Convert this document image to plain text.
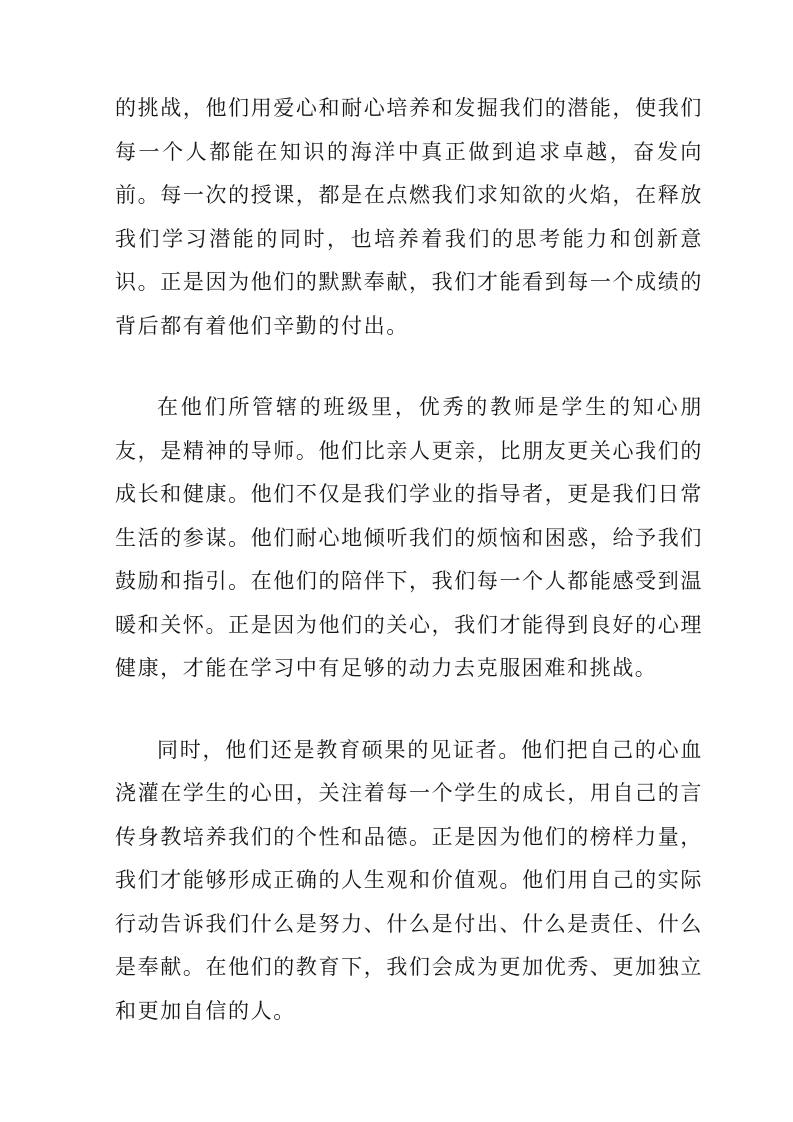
的挑战，他们用爱心和耐心培养和发掘我们的潜能，使我们每一个人都能在知识的海洋中真正做到追求卓越，奋发向前。每一次的授课，都是在点燃我们求知欲的火焰，在释放我们学习潜能的同时，也培养着我们的思考能力和创新意识。正是因为他们的默默奉献，我们才能看到每一个成绩的背后都有着他们辛勤的付出。

在他们所管辖的班级里，优秀的教师是学生的知心朋友，是精神的导师。他们比亲人更亲，比朋友更关心我们的成长和健康。他们不仅是我们学业的指导者，更是我们日常生活的参谋。他们耐心地倾听我们的烦恼和困惑，给予我们鼓励和指引。在他们的陪伴下，我们每一个人都能感受到温暖和关怀。正是因为他们的关心，我们才能得到良好的心理健康，才能在学习中有足够的动力去克服困难和挑战。

同时，他们还是教育硕果的见证者。他们把自己的心血浇灌在学生的心田，关注着每一个学生的成长，用自己的言传身教培养我们的个性和品德。正是因为他们的榜样力量，我们才能够形成正确的人生观和价值观。他们用自己的实际行动告诉我们什么是努力、什么是付出、什么是责任、什么是奉献。在他们的教育下，我们会成为更加优秀、更加独立和更加自信的人。
